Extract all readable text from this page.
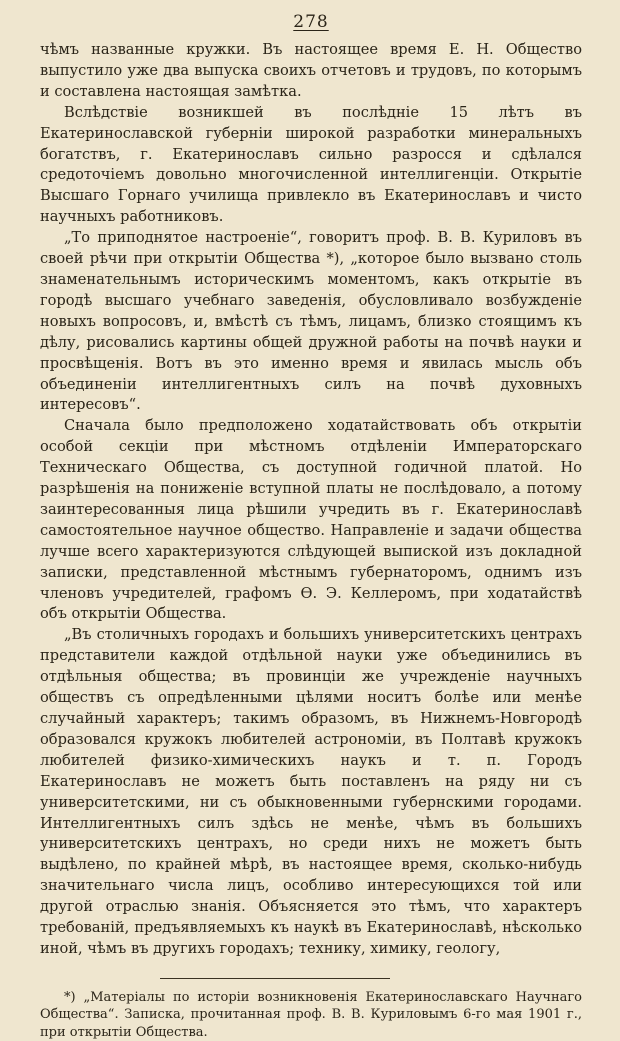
278

чѣмъ названные кружки. Въ настоящее время Е. Н. Общество выпустило уже два выпуска своихъ отчетовъ и трудовъ, по которымъ и составлена настоящая замѣтка.

Вслѣдствіе возникшей въ послѣдніе 15 лѣтъ въ Екатеринославской губерніи широкой разработки минеральныхъ богатствъ, г. Екатеринославъ сильно разросся и сдѣлался средоточіемъ довольно многочисленной интеллигенціи. Открытіе Высшаго Горнаго училища привлекло въ Екатеринославъ и чисто научныхъ работниковъ.

„То приподнятое настроеніе“, говоритъ проф. В. В. Куриловъ въ своей рѣчи при открытіи Общества *), „которое было вызвано столь знаменательнымъ историческимъ моментомъ, какъ открытіе въ городѣ высшаго учебнаго заведенія, обусловливало возбужденіе новыхъ вопросовъ, и, вмѣстѣ съ тѣмъ, лицамъ, близко стоящимъ къ дѣлу, рисовались картины общей дружной работы на почвѣ науки и просвѣщенія. Вотъ въ это именно время и явилась мысль объ объединеніи интеллигентныхъ силъ на почвѣ духовныхъ интересовъ“.

Сначала было предположено ходатайствовать объ открытіи особой секціи при мѣстномъ отдѣленіи Императорскаго Техническаго Общества, съ доступной годичной платой. Но разрѣшенія на пониженіе вступной платы не послѣдовало, а потому заинтересованныя лица рѣшили учредить въ г. Екатеринославѣ самостоятельное научное общество. Направленіе и задачи общества лучше всего характеризуются слѣдующей выпиской изъ докладной записки, представленной мѣстнымъ губернаторомъ, однимъ изъ членовъ учредителей, графомъ Ѳ. Э. Келлеромъ, при ходатайствѣ объ открытіи Общества.

„Въ столичныхъ городахъ и большихъ университетскихъ центрахъ представители каждой отдѣльной науки уже объединились въ отдѣльныя общества; въ провинціи же учрежденіе научныхъ обществъ съ опредѣленными цѣлями носитъ болѣе или менѣе случайный характеръ; такимъ образомъ, въ Нижнемъ-Новгородѣ образовался кружокъ любителей астрономіи, въ Полтавѣ кружокъ любителей физико-химическихъ наукъ и т. п. Городъ Екатеринославъ не можетъ быть поставленъ на ряду ни съ университетскими, ни съ обыкновенными губернскими городами. Интеллигентныхъ силъ здѣсь не менѣе, чѣмъ въ большихъ университетскихъ центрахъ, но среди нихъ не можетъ быть выдѣлено, по крайней мѣрѣ, въ настоящее время, сколько-нибудь значительнаго числа лицъ, особливо интересующихся той или другой отраслью знанія. Объясняется это тѣмъ, что характеръ требованій, предъявляемыхъ къ наукѣ въ Екатеринославѣ, нѣсколько иной, чѣмъ въ другихъ городахъ; технику, химику, геологу,

*) „Матеріалы по исторіи возникновенія Екатеринославскаго Научнаго Общества“. Записка, прочитанная проф. В. В. Куриловымъ 6-го мая 1901 г., при открытіи Общества.
